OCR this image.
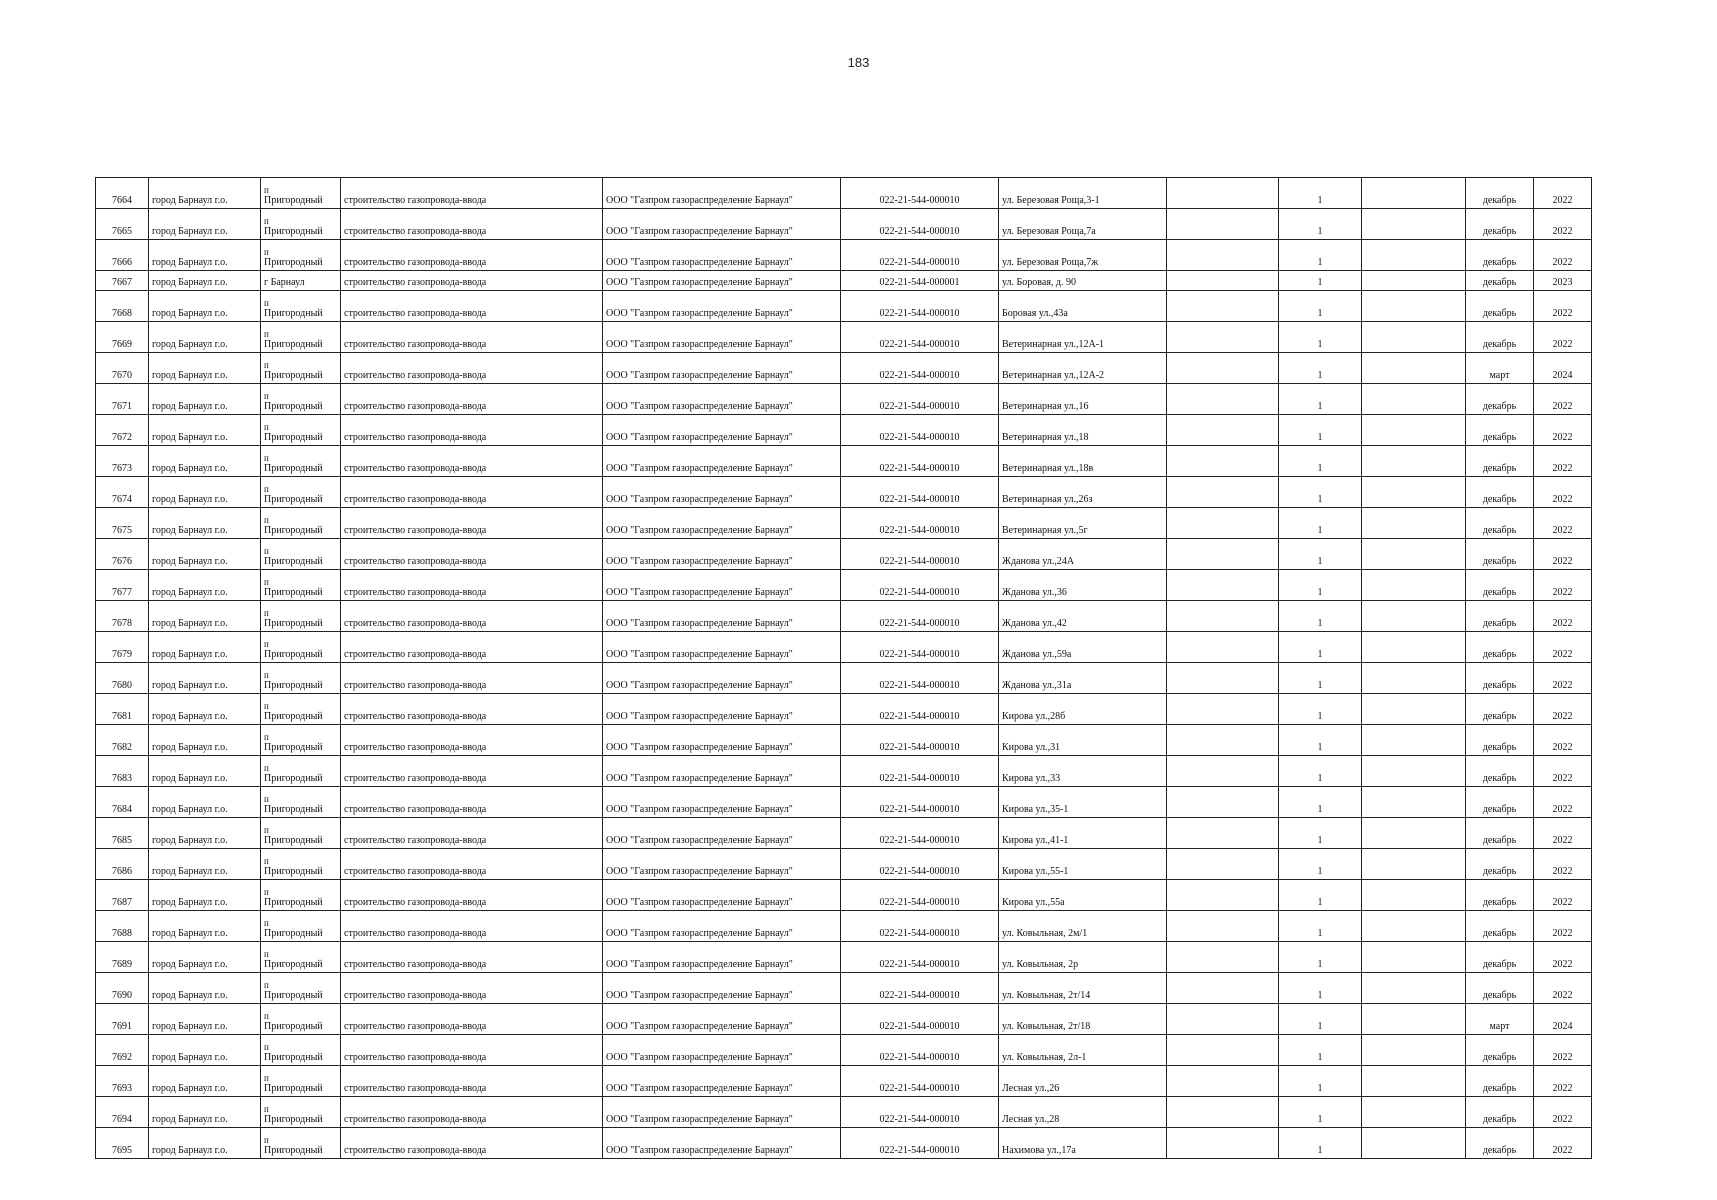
183
7664	город Барнаул г.о.	п
Пригородный	строительство газопровода-ввода	ООО "Газпром газораспределение Барнаул"	022-21-544-000010	ул. Березовая Роща,3-1		1		декабрь	2022
7665	город Барнаул г.о.	п
Пригородный	строительство газопровода-ввода	ООО "Газпром газораспределение Барнаул"	022-21-544-000010	ул. Березовая Роща,7а		1		декабрь	2022
7666	город Барнаул г.о.	п
Пригородный	строительство газопровода-ввода	ООО "Газпром газораспределение Барнаул"	022-21-544-000010	ул. Березовая Роща,7ж		1		декабрь	2022
7667	город Барнаул г.о.	г Барнаул	строительство газопровода-ввода	ООО "Газпром газораспределение Барнаул"	022-21-544-000001	ул. Боровая, д. 90		1		декабрь	2023
7668	город Барнаул г.о.	п
Пригородный	строительство газопровода-ввода	ООО "Газпром газораспределение Барнаул"	022-21-544-000010	Боровая ул.,43а		1		декабрь	2022
7669	город Барнаул г.о.	п
Пригородный	строительство газопровода-ввода	ООО "Газпром газораспределение Барнаул"	022-21-544-000010	Ветеринарная ул.,12А-1		1		декабрь	2022
7670	город Барнаул г.о.	п
Пригородный	строительство газопровода-ввода	ООО "Газпром газораспределение Барнаул"	022-21-544-000010	Ветеринарная ул.,12А-2		1		март	2024
7671	город Барнаул г.о.	п
Пригородный	строительство газопровода-ввода	ООО "Газпром газораспределение Барнаул"	022-21-544-000010	Ветеринарная ул.,16		1		декабрь	2022
7672	город Барнаул г.о.	п
Пригородный	строительство газопровода-ввода	ООО "Газпром газораспределение Барнаул"	022-21-544-000010	Ветеринарная ул.,18		1		декабрь	2022
7673	город Барнаул г.о.	п
Пригородный	строительство газопровода-ввода	ООО "Газпром газораспределение Барнаул"	022-21-544-000010	Ветеринарная ул.,18в		1		декабрь	2022
7674	город Барнаул г.о.	п
Пригородный	строительство газопровода-ввода	ООО "Газпром газораспределение Барнаул"	022-21-544-000010	Ветеринарная ул.,26з		1		декабрь	2022
7675	город Барнаул г.о.	п
Пригородный	строительство газопровода-ввода	ООО "Газпром газораспределение Барнаул"	022-21-544-000010	Ветеринарная ул.,5г		1		декабрь	2022
7676	город Барнаул г.о.	п
Пригородный	строительство газопровода-ввода	ООО "Газпром газораспределение Барнаул"	022-21-544-000010	Жданова ул.,24А		1		декабрь	2022
7677	город Барнаул г.о.	п
Пригородный	строительство газопровода-ввода	ООО "Газпром газораспределение Барнаул"	022-21-544-000010	Жданова ул.,36		1		декабрь	2022
7678	город Барнаул г.о.	п
Пригородный	строительство газопровода-ввода	ООО "Газпром газораспределение Барнаул"	022-21-544-000010	Жданова ул.,42		1		декабрь	2022
7679	город Барнаул г.о.	п
Пригородный	строительство газопровода-ввода	ООО "Газпром газораспределение Барнаул"	022-21-544-000010	Жданова ул.,59а		1		декабрь	2022
7680	город Барнаул г.о.	п
Пригородный	строительство газопровода-ввода	ООО "Газпром газораспределение Барнаул"	022-21-544-000010	Жданова ул.,31а		1		декабрь	2022
7681	город Барнаул г.о.	п
Пригородный	строительство газопровода-ввода	ООО "Газпром газораспределение Барнаул"	022-21-544-000010	Кирова ул.,28б		1		декабрь	2022
7682	город Барнаул г.о.	п
Пригородный	строительство газопровода-ввода	ООО "Газпром газораспределение Барнаул"	022-21-544-000010	Кирова ул.,31		1		декабрь	2022
7683	город Барнаул г.о.	п
Пригородный	строительство газопровода-ввода	ООО "Газпром газораспределение Барнаул"	022-21-544-000010	Кирова ул.,33		1		декабрь	2022
7684	город Барнаул г.о.	п
Пригородный	строительство газопровода-ввода	ООО "Газпром газораспределение Барнаул"	022-21-544-000010	Кирова ул.,35-1		1		декабрь	2022
7685	город Барнаул г.о.	п
Пригородный	строительство газопровода-ввода	ООО "Газпром газораспределение Барнаул"	022-21-544-000010	Кирова ул.,41-1		1		декабрь	2022
7686	город Барнаул г.о.	п
Пригородный	строительство газопровода-ввода	ООО "Газпром газораспределение Барнаул"	022-21-544-000010	Кирова ул.,55-1		1		декабрь	2022
7687	город Барнаул г.о.	п
Пригородный	строительство газопровода-ввода	ООО "Газпром газораспределение Барнаул"	022-21-544-000010	Кирова ул.,55а		1		декабрь	2022
7688	город Барнаул г.о.	п
Пригородный	строительство газопровода-ввода	ООО "Газпром газораспределение Барнаул"	022-21-544-000010	ул. Ковыльная, 2м/1		1		декабрь	2022
7689	город Барнаул г.о.	п
Пригородный	строительство газопровода-ввода	ООО "Газпром газораспределение Барнаул"	022-21-544-000010	ул. Ковыльная, 2р		1		декабрь	2022
7690	город Барнаул г.о.	п
Пригородный	строительство газопровода-ввода	ООО "Газпром газораспределение Барнаул"	022-21-544-000010	ул. Ковыльная, 2т/14		1		декабрь	2022
7691	город Барнаул г.о.	п
Пригородный	строительство газопровода-ввода	ООО "Газпром газораспределение Барнаул"	022-21-544-000010	ул. Ковыльная, 2т/18		1		март	2024
7692	город Барнаул г.о.	п
Пригородный	строительство газопровода-ввода	ООО "Газпром газораспределение Барнаул"	022-21-544-000010	ул. Ковыльная, 2л-1		1		декабрь	2022
7693	город Барнаул г.о.	п
Пригородный	строительство газопровода-ввода	ООО "Газпром газораспределение Барнаул"	022-21-544-000010	Лесная ул.,26		1		декабрь	2022
7694	город Барнаул г.о.	п
Пригородный	строительство газопровода-ввода	ООО "Газпром газораспределение Барнаул"	022-21-544-000010	Лесная ул.,28		1		декабрь	2022
7695	город Барнаул г.о.	п
Пригородный	строительство газопровода-ввода	ООО "Газпром газораспределение Барнаул"	022-21-544-000010	Нахимова ул.,17а		1		декабрь	2022
